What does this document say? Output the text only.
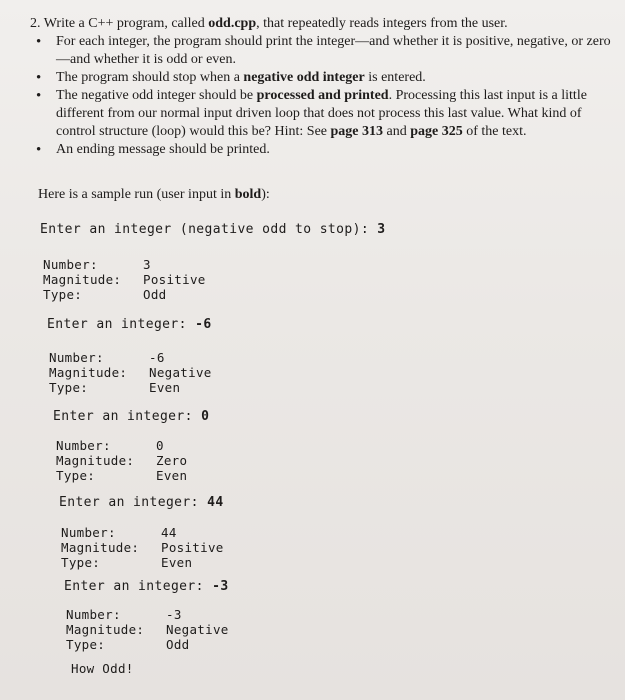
2. Write a C++ program, called odd.cpp, that repeatedly reads integers from the user.
• For each integer, the program should print the integer—and whether it is positive, negative, or zero—and whether it is odd or even.
• The program should stop when a negative odd integer is entered.
• The negative odd integer should be processed and printed. Processing this last input is a little different from our normal input driven loop that does not process this last value. What kind of control structure (loop) would this be? Hint: See page 313 and page 325 of the text.
• An ending message should be printed.
Here is a sample run (user input in bold):
Enter an integer (negative odd to stop): 3
Number:	3
Magnitude: Positive
Type:	Odd
Enter an integer: -6
Number:	-6
Magnitude: Negative
Type:	Even
Enter an integer: 0
Number:	0
Magnitude: Zero
Type:	Even
Enter an integer: 44
Number:	44
Magnitude: Positive
Type:	Even
Enter an integer: -3
Number:	-3
Magnitude: Negative
Type:	Odd
How Odd!
